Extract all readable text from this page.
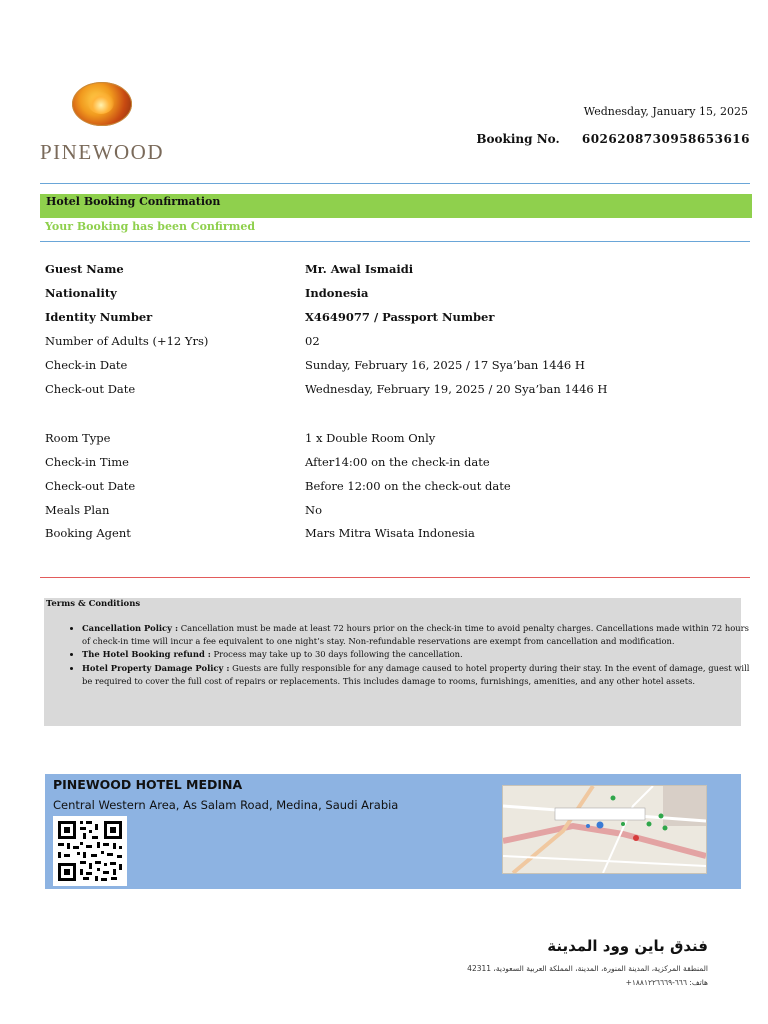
PINEWOOD
Wednesday, January 15, 2025
Booking No. 6026208730958653616
Hotel Booking Confirmation
Your Booking has been Confirmed
Guest Name	Mr. Awal Ismaidi
Nationality	Indonesia
Identity Number	X4649077 / Passport Number
Number of Adults (+12 Yrs)	02
Check-in Date	Sunday, February 16, 2025 / 17 Sya’ban 1446 H
Check-out Date	Wednesday, February 19, 2025 / 20 Sya’ban 1446 H
Room Type	1 x Double Room Only
Check-in Time	After14:00 on the check-in date
Check-out Date	Before 12:00 on the check-out date
Meals Plan	No
Booking Agent	Mars Mitra Wisata Indonesia
Terms & Conditions
• Cancellation Policy : Cancellation must be made at least 72 hours prior on the check-in time to avoid penalty charges. Cancellations made within 72 hours of check-in time will incur a fee equivalent to one night’s stay. Non-refundable reservations are exempt from cancellation and modification.
• The Hotel Booking refund : Process may take up to 30 days following the cancellation.
• Hotel Property Damage Policy : Guests are fully responsible for any damage caused to hotel property during their stay. In the event of damage, guest will be required to cover the full cost of repairs or replacements. This includes damage to rooms, furnishings, amenities, and any other hotel assets.
PINEWOOD HOTEL MEDINA
Central Western Area, As Salam Road, Medina, Saudi Arabia
فندق باين وود المدينة
المنطقة المركزية، المدينة المنورة، المدينة، المملكة العربية السعودية، 42311
هاتف: ٦٦٦-١٨٨١٢٢٦٦٦٩+
